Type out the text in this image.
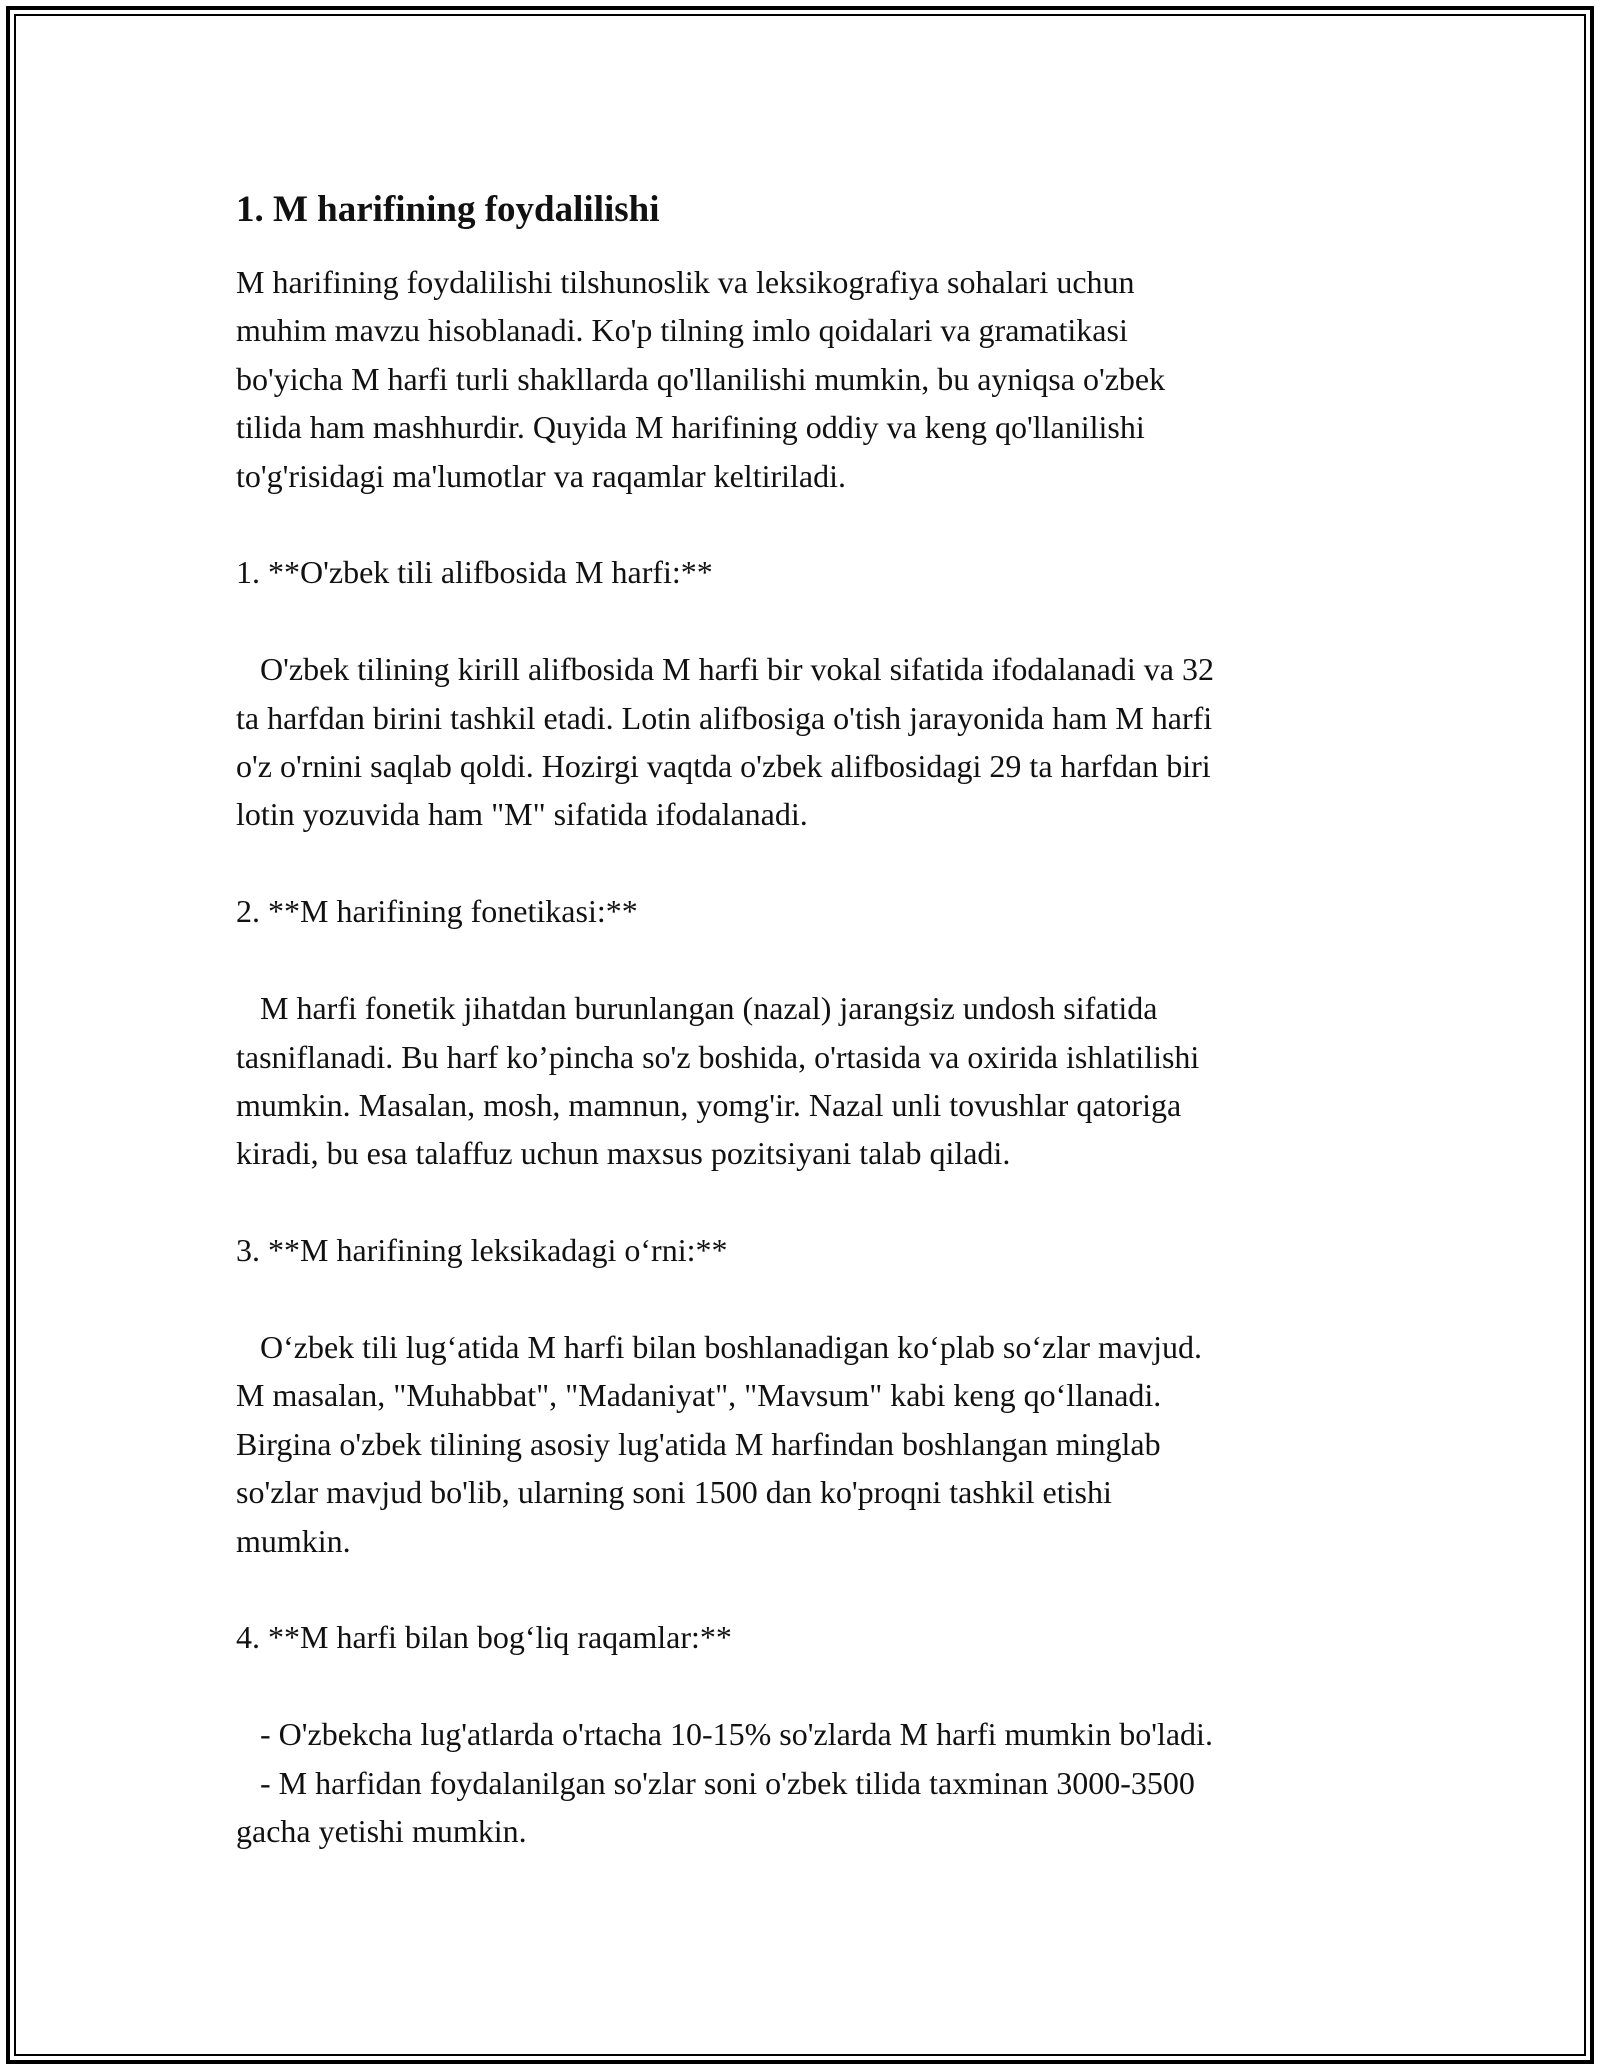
1. M harifining foydalilishi

M harifining foydalilishi tilshunoslik va leksikografiya sohalari uchun
muhim mavzu hisoblanadi. Ko'p tilning imlo qoidalari va gramatikasi
bo'yicha M harfi turli shakllarda qo'llanilishi mumkin, bu ayniqsa o'zbek
tilida ham mashhurdir. Quyida M harifining oddiy va keng qo'llanilishi
to'g'risidagi ma'lumotlar va raqamlar keltiriladi.

1. **O'zbek tili alifbosida M harfi:**

O'zbek tilining kirill alifbosida M harfi bir vokal sifatida ifodalanadi va 32
ta harfdan birini tashkil etadi. Lotin alifbosiga o'tish jarayonida ham M harfi
o'z o'rnini saqlab qoldi. Hozirgi vaqtda o'zbek alifbosidagi 29 ta harfdan biri
lotin yozuvida ham "M" sifatida ifodalanadi.

2. **M harifining fonetikasi:**

M harfi fonetik jihatdan burunlangan (nazal) jarangsiz undosh sifatida
tasniflanadi. Bu harf ko’pincha so'z boshida, o'rtasida va oxirida ishlatilishi
mumkin. Masalan, mosh, mamnun, yomg'ir. Nazal unli tovushlar qatoriga
kiradi, bu esa talaffuz uchun maxsus pozitsiyani talab qiladi.

3. **M harifining leksikadagi o‘rni:**

O‘zbek tili lug‘atida M harfi bilan boshlanadigan ko‘plab so‘zlar mavjud.
M masalan, "Muhabbat", "Madaniyat", "Mavsum" kabi keng qo‘llanadi.
Birgina o'zbek tilining asosiy lug'atida M harfindan boshlangan minglab
so'zlar mavjud bo'lib, ularning soni 1500 dan ko'proqni tashkil etishi
mumkin.

4. **M harfi bilan bog‘liq raqamlar:**

- O'zbekcha lug'atlarda o'rtacha 10-15% so'zlarda M harfi mumkin bo'ladi.
- M harfidan foydalanilgan so'zlar soni o'zbek tilida taxminan 3000-3500
gacha yetishi mumkin.
